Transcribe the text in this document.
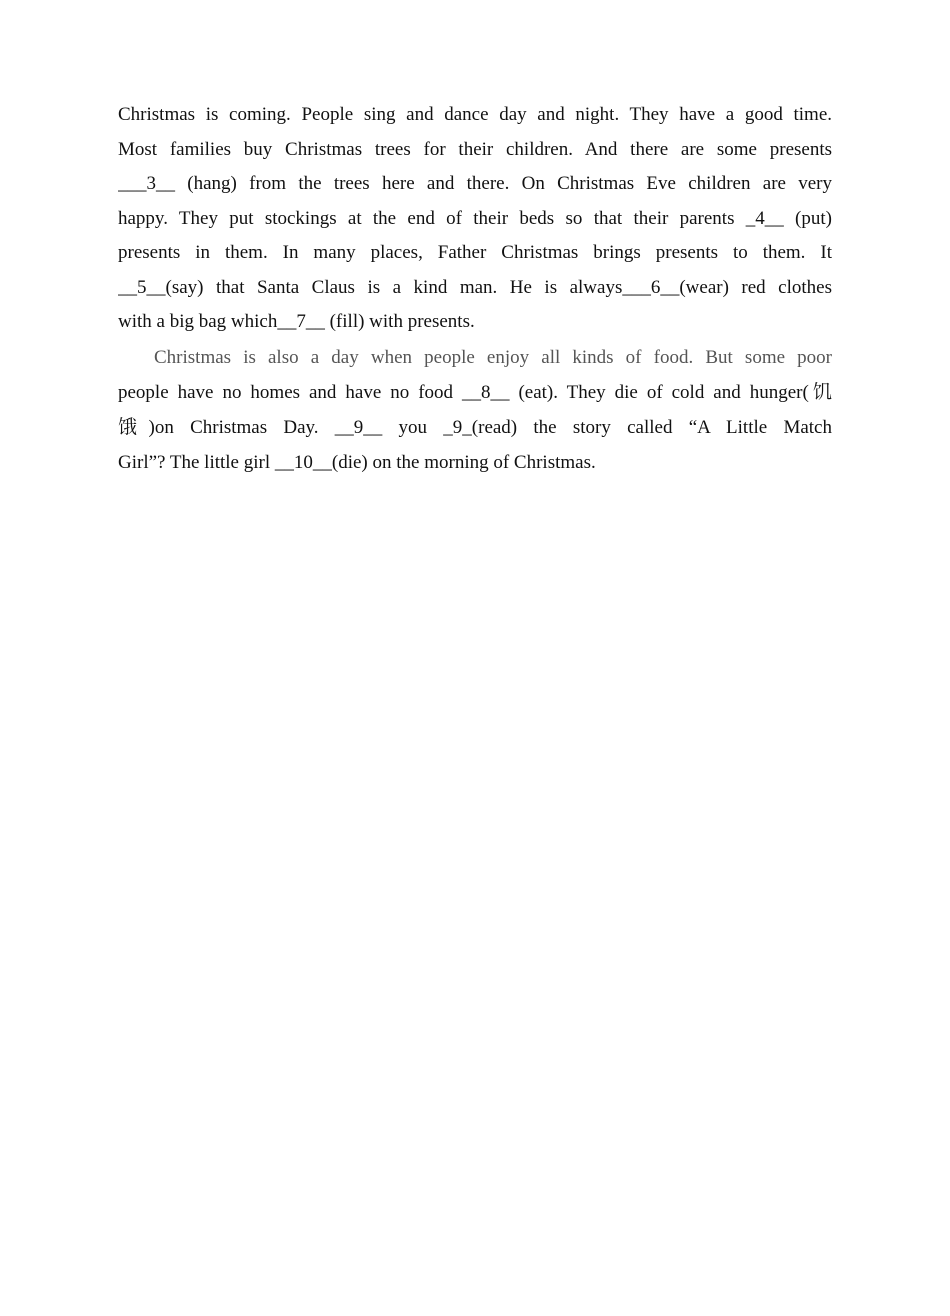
Christmas is coming. People sing and dance day and night. They have a good time.
Most families buy Christmas trees for their children. And there are some presents
___3__ (hang) from the trees here and there. On Christmas Eve children are very
happy. They put stockings at the end of their beds so that their parents _4__ (put)
presents in them. In many places, Father Christmas brings presents to them. It
__5__(say) that Santa Claus is a kind man. He is always___6__(wear) red clothes
with a big bag which__7__ (fill) with presents.
Christmas is also a day when people enjoy all kinds of food. But some poor
people have no homes and have no food __8__ (eat). They die of cold and hunger(饥
饿)on Christmas Day. __9__ you _9_(read) the story called “A Little Match
Girl”? The little girl __10__(die) on the morning of Christmas.
